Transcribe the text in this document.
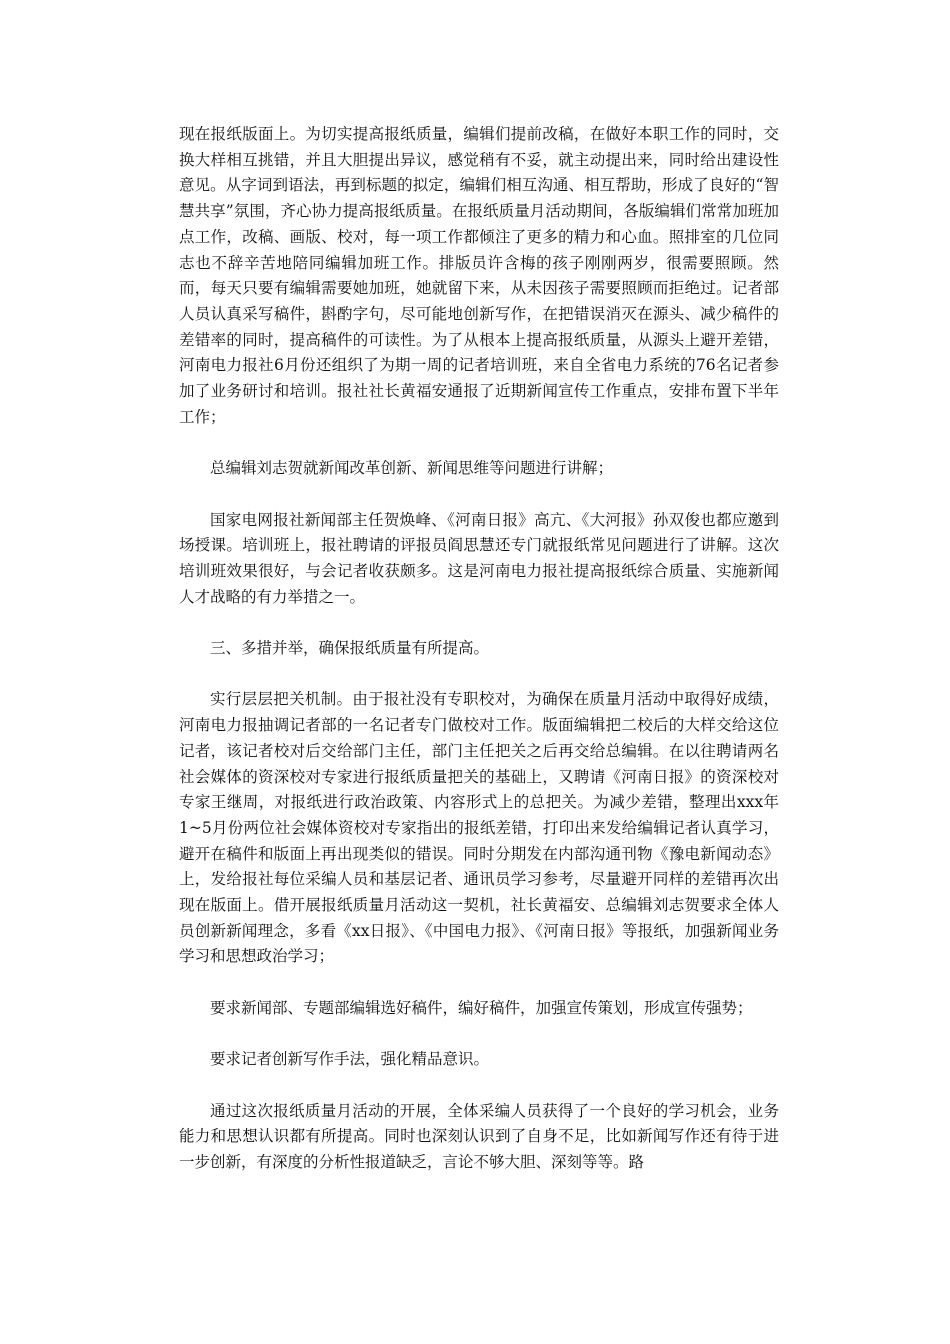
现在报纸版面上。为切实提高报纸质量，编辑们提前改稿，在做好本职工作的同时，交换大样相互挑错，并且大胆提出异议，感觉稍有不妥，就主动提出来，同时给出建设性意见。从字词到语法，再到标题的拟定，编辑们相互沟通、相互帮助，形成了良好的“智慧共享”氛围，齐心协力提高报纸质量。在报纸质量月活动期间，各版编辑们常常加班加点工作，改稿、画版、校对，每一项工作都倾注了更多的精力和心血。照排室的几位同志也不辞辛苦地陪同编辑加班工作。排版员许含梅的孩子刚刚两岁，很需要照顾。然而，每天只要有编辑需要她加班，她就留下来，从未因孩子需要照顾而拒绝过。记者部人员认真采写稿件，斟酌字句，尽可能地创新写作，在把错误消灭在源头、减少稿件的差错率的同时，提高稿件的可读性。为了从根本上提高报纸质量，从源头上避开差错，河南电力报社6月份还组织了为期一周的记者培训班，来自全省电力系统的76名记者参加了业务研讨和培训。报社社长黄福安通报了近期新闻宣传工作重点，安排布置下半年工作；

总编辑刘志贺就新闻改革创新、新闻思维等问题进行讲解；

国家电网报社新闻部主任贺焕峰、《河南日报》高亢、《大河报》孙双俊也都应邀到场授课。培训班上，报社聘请的评报员阎思慧还专门就报纸常见问题进行了讲解。这次培训班效果很好，与会记者收获颇多。这是河南电力报社提高报纸综合质量、实施新闻人才战略的有力举措之一。

三、多措并举，确保报纸质量有所提高。

实行层层把关机制。由于报社没有专职校对，为确保在质量月活动中取得好成绩，河南电力报抽调记者部的一名记者专门做校对工作。版面编辑把二校后的大样交给这位记者，该记者校对后交给部门主任，部门主任把关之后再交给总编辑。在以往聘请两名社会媒体的资深校对专家进行报纸质量把关的基础上，又聘请《河南日报》的资深校对专家王继周，对报纸进行政治政策、内容形式上的总把关。为减少差错，整理出xxx年1~5月份两位社会媒体资校对专家指出的报纸差错，打印出来发给编辑记者认真学习，避开在稿件和版面上再出现类似的错误。同时分期发在内部沟通刊物《豫电新闻动态》上，发给报社每位采编人员和基层记者、通讯员学习参考，尽量避开同样的差错再次出现在版面上。借开展报纸质量月活动这一契机，社长黄福安、总编辑刘志贺要求全体人员创新新闻理念，多看《xx日报》、《中国电力报》、《河南日报》等报纸，加强新闻业务学习和思想政治学习；

要求新闻部、专题部编辑选好稿件，编好稿件，加强宣传策划，形成宣传强势；

要求记者创新写作手法，强化精品意识。

通过这次报纸质量月活动的开展，全体采编人员获得了一个良好的学习机会，业务能力和思想认识都有所提高。同时也深刻认识到了自身不足，比如新闻写作还有待于进一步创新，有深度的分析性报道缺乏，言论不够大胆、深刻等等。路
